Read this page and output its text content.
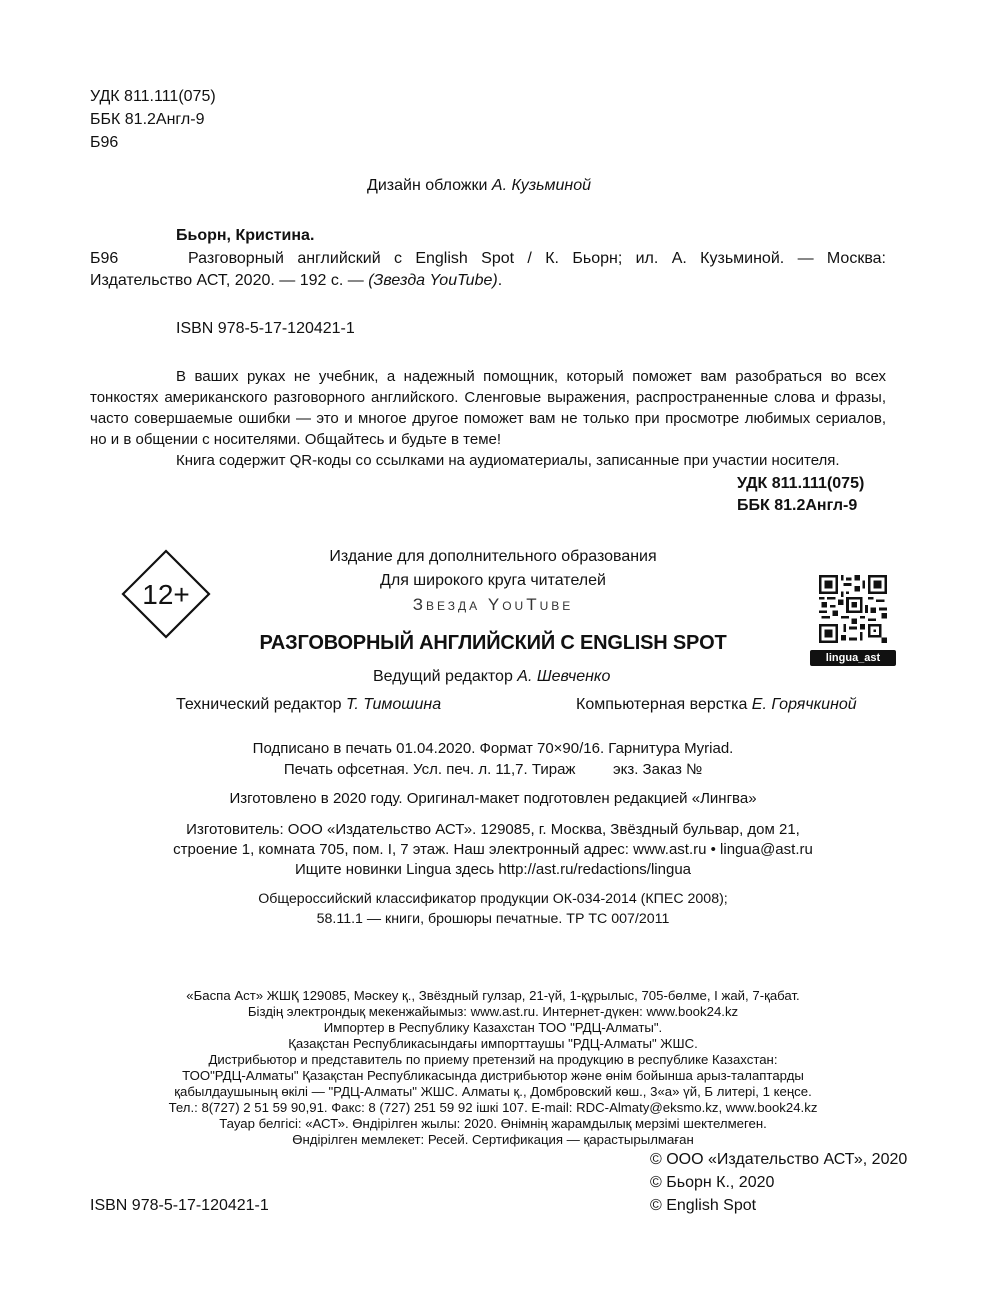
УДК 811.111(075)
ББК 81.2Англ-9
Б96
Дизайн обложки А. Кузьминой
Бьорн, Кристина.
Б96	Разговорный английский с English Spot / К. Бьорн; ил. А. Кузьминой. — Москва:
Издательство АСТ, 2020. — 192 с. — (Звезда YouTube).
ISBN 978-5-17-120421-1
В ваших руках не учебник, а надежный помощник, который поможет вам разобраться во всех тонкостях американского разговорного английского. Сленговые выражения, распространенные слова и фразы, часто совершаемые ошибки — это и многое другое поможет вам не только при просмотре любимых сериалов, но и в общении с носителями. Общайтесь и будьте в теме!
Книга содержит QR-коды со ссылками на аудиоматериалы, записанные при участии носителя.
УДК 811.111(075)
ББК 81.2Англ-9
12+
Издание для дополнительного образования
Для широкого круга читателей
Звезда YouTube
РАЗГОВОРНЫЙ АНГЛИЙСКИЙ С ENGLISH SPOT
lingua_ast
Ведущий редактор А. Шевченко
Технический редактор Т. Тимошина	Компьютерная верстка Е. Горячкиной
Подписано в печать 01.04.2020. Формат 70×90/16. Гарнитура Myriad.
Печать офсетная. Усл. печ. л. 11,7. Тираж         экз. Заказ №
Изготовлено в 2020 году. Оригинал-макет подготовлен редакцией «Лингва»
Изготовитель: ООО «Издательство АСТ». 129085, г. Москва, Звёздный бульвар, дом 21,
строение 1, комната 705, пом. I, 7 этаж. Наш электронный адрес: www.ast.ru • lingua@ast.ru
Ищите новинки Lingua здесь http://ast.ru/redactions/lingua
Общероссийский классификатор продукции ОК-034-2014 (КПЕС 2008);
58.11.1 — книги, брошюры печатные. ТР ТС 007/2011
«Баспа Аст» ЖШҚ 129085, Мәскеу қ., Звёздный гулзар, 21-үй, 1-құрылыс, 705-бөлме, I жай, 7-қабат.
Біздің электрондық мекенжайымыз: www.ast.ru. Интернет-дүкен: www.book24.kz
Импортер в Республику Казахстан ТОО "РДЦ-Алматы".
Қазақстан Республикасындағы импорттаушы "РДЦ-Алматы" ЖШС.
Дистрибьютор и представитель по приему претензий на продукцию в республике Казахстан:
ТОО"РДЦ-Алматы" Қазақстан Республикасында дистрибьютор және өнім бойынша арыз-талаптарды
қабылдаушының өкілі — "РДЦ-Алматы" ЖШС. Алматы қ., Домбровский көш., 3«а» үй, Б литері, 1 кеңсе.
Тел.: 8(727) 2 51 59 90,91. Факс: 8 (727) 251 59 92 ішкі 107. E-mail: RDC-Almaty@eksmo.kz, www.book24.kz
Тауар белгісі: «АСТ». Өндірілген жылы: 2020. Өнімнің жарамдылық мерзімі шектелмеген.
Өндірілген мемлекет: Ресей. Сертификация — қарастырылмаған
© ООО «Издательство АСТ», 2020
© Бьорн К., 2020
© English Spot
ISBN 978-5-17-120421-1
